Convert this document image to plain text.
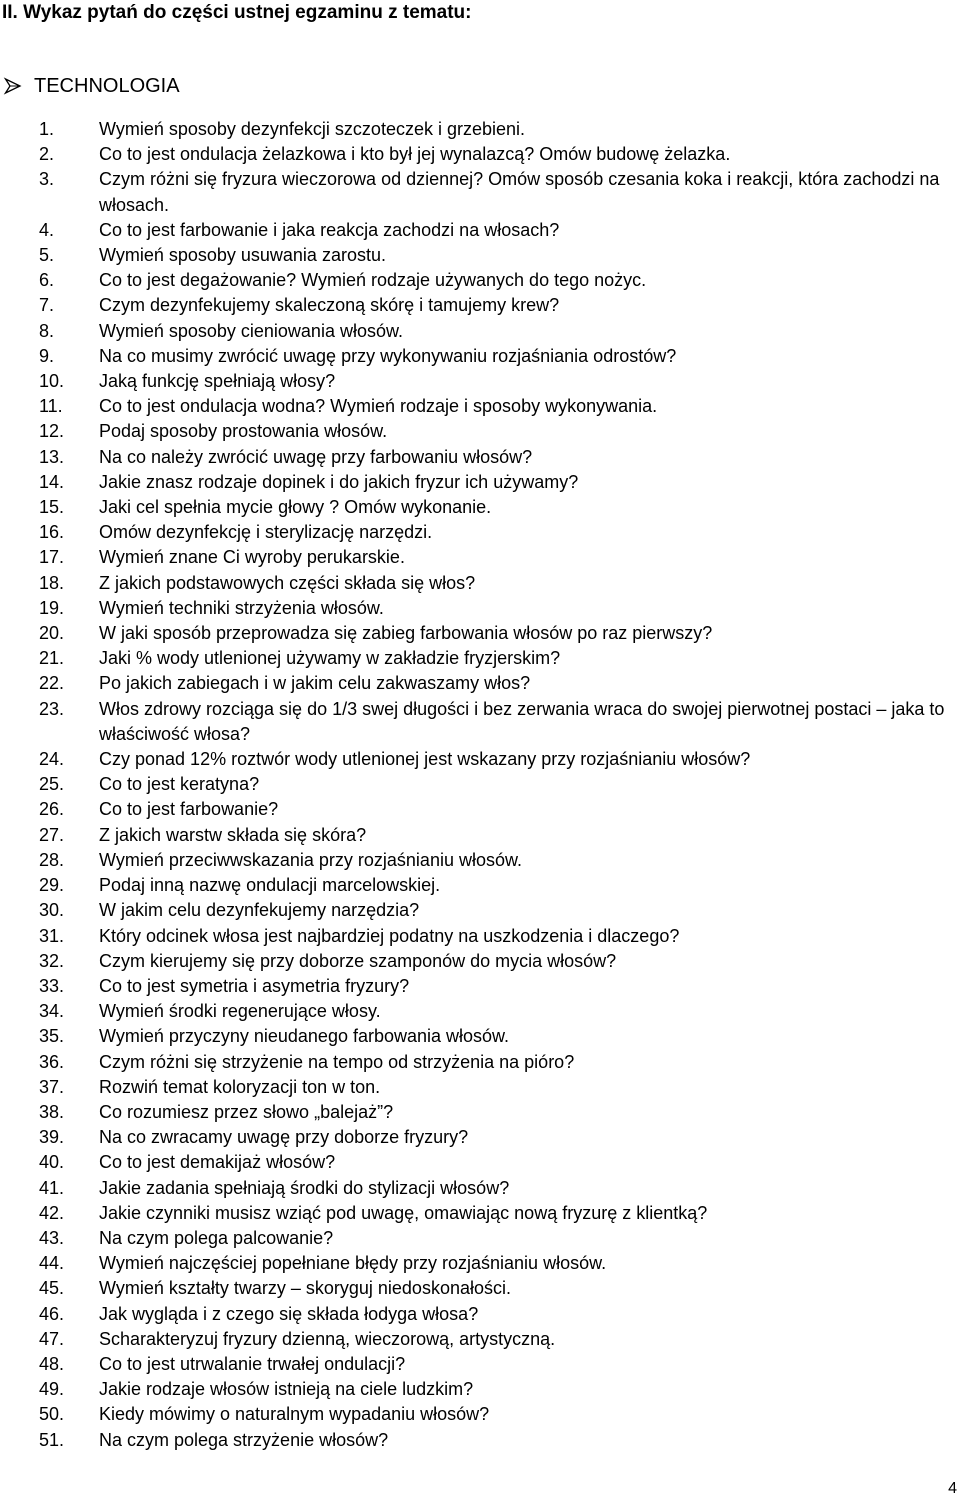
II. Wykaz pytań do części ustnej egzaminu z tematu:
TECHNOLOGIA
1. Wymień sposoby dezynfekcji szczoteczek i grzebieni.
2. Co to jest ondulacja żelazkowa i kto był jej wynalazcą? Omów budowę żelazka.
3. Czym różni się fryzura wieczorowa od dziennej? Omów sposób czesania koka i reakcji, która zachodzi na włosach.
4. Co to jest farbowanie i jaka reakcja zachodzi na włosach?
5. Wymień sposoby usuwania zarostu.
6. Co to jest degażowanie? Wymień rodzaje używanych do tego nożyc.
7. Czym dezynfekujemy skaleczoną skórę i tamujemy krew?
8. Wymień sposoby cieniowania włosów.
9. Na co musimy zwrócić uwagę przy wykonywaniu rozjaśniania odrostów?
10. Jaką funkcję spełniają włosy?
11. Co to jest ondulacja wodna? Wymień rodzaje i sposoby wykonywania.
12. Podaj sposoby prostowania włosów.
13. Na co należy zwrócić uwagę przy farbowaniu włosów?
14. Jakie znasz rodzaje dopinek i do jakich fryzur ich używamy?
15. Jaki cel spełnia mycie głowy ? Omów wykonanie.
16. Omów dezynfekcję i sterylizację narzędzi.
17. Wymień znane Ci wyroby perukarskie.
18. Z jakich podstawowych części składa się włos?
19. Wymień techniki strzyżenia włosów.
20. W jaki sposób przeprowadza się zabieg farbowania włosów po raz pierwszy?
21. Jaki % wody utlenionej używamy w zakładzie fryzjerskim?
22. Po jakich zabiegach i w jakim celu zakwaszamy włos?
23. Włos zdrowy rozciąga się do 1/3 swej długości i bez zerwania wraca do swojej pierwotnej postaci – jaka to właściwość włosa?
24. Czy ponad 12% roztwór wody utlenionej jest wskazany przy rozjaśnianiu włosów?
25. Co to jest keratyna?
26. Co to jest farbowanie?
27. Z jakich warstw składa się skóra?
28. Wymień przeciwwskazania przy rozjaśnianiu włosów.
29. Podaj inną nazwę ondulacji marcelowskiej.
30. W jakim celu dezynfekujemy narzędzia?
31. Który odcinek włosa jest najbardziej podatny na uszkodzenia i dlaczego?
32. Czym kierujemy się przy doborze szamponów do mycia włosów?
33. Co to jest symetria i asymetria fryzury?
34. Wymień środki regenerujące włosy.
35. Wymień przyczyny nieudanego farbowania włosów.
36. Czym różni się strzyżenie na tempo od strzyżenia na pióro?
37. Rozwiń temat koloryzacji ton w ton.
38. Co rozumiesz przez słowo „balejaż”?
39. Na co zwracamy uwagę przy doborze fryzury?
40. Co to jest demakijaż włosów?
41. Jakie zadania spełniają środki do stylizacji włosów?
42. Jakie czynniki musisz wziąć pod uwagę, omawiając nową fryzurę z klientką?
43. Na czym polega palcowanie?
44. Wymień najczęściej popełniane błędy przy rozjaśnianiu włosów.
45. Wymień kształty twarzy – skoryguj niedoskonałości.
46. Jak wygląda i z czego się składa łodyga włosa?
47. Scharakteryzuj fryzury dzienną, wieczorową, artystyczną.
48. Co to jest utrwalanie trwałej ondulacji?
49. Jakie rodzaje włosów istnieją na ciele ludzkim?
50. Kiedy mówimy o naturalnym wypadaniu włosów?
51. Na czym polega strzyżenie włosów?
4
